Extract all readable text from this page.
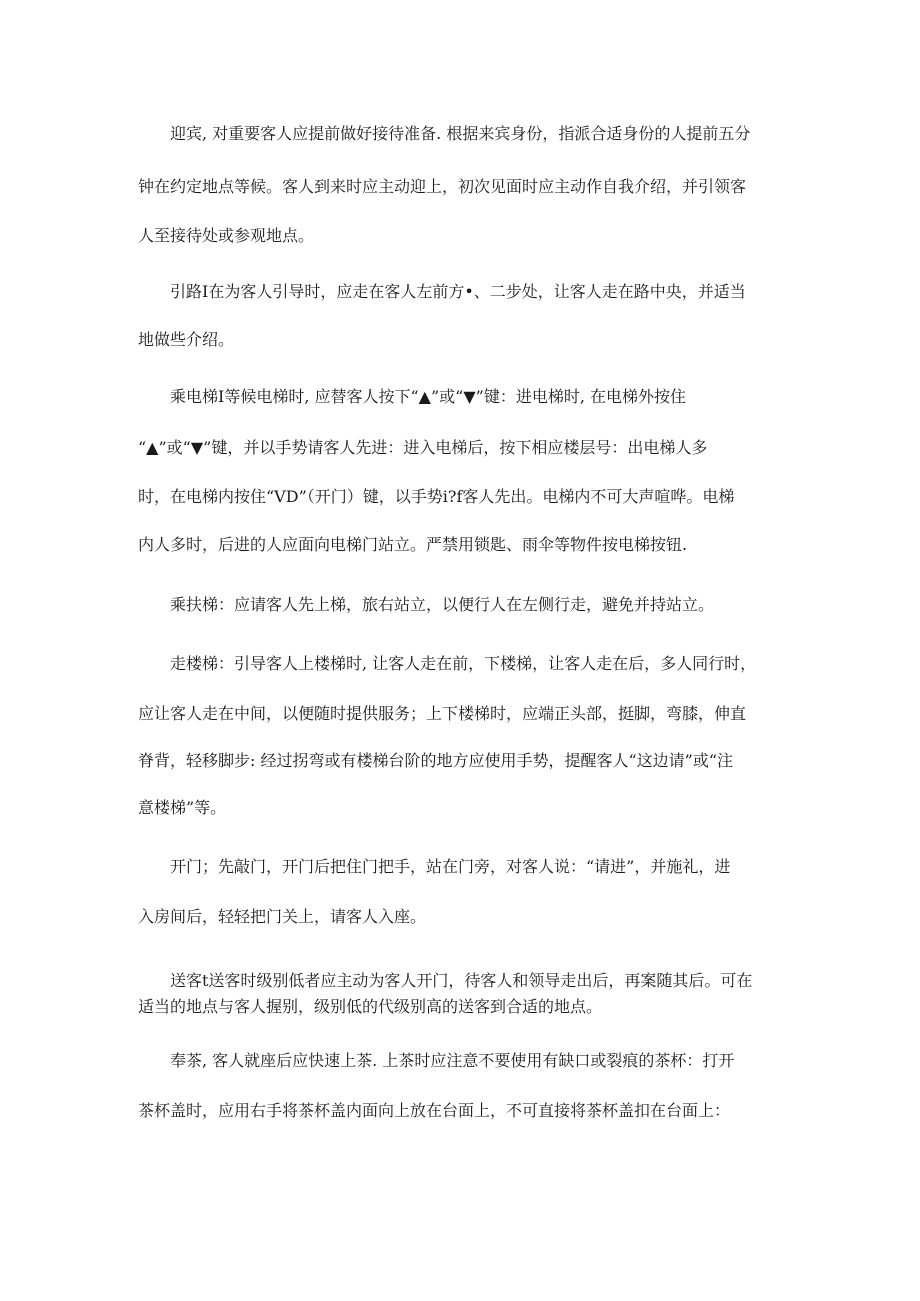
迎宾, 对重要客人应提前做好接待准备. 根据来宾身份，指派合适身份的人提前五分

钟在约定地点等候。客人到来时应主动迎上，初次见面时应主动作自我介绍，并引领客

人至接待处或参观地点。

引路I在为客人引导时，应走在客人左前方•、二步处，让客人走在路中央，并适当

地做些介绍。

乘电梯I等候电梯时, 应替客人按下“▲”或“▼”键：进电梯时, 在电梯外按住

“▲”或“▼”键，并以手势请客人先进：进入电梯后，按下相应楼层号：出电梯人多

时，在电梯内按住“VD”（开门）键，以手势i?f客人先出。电梯内不可大声喧哗。电梯

内人多时，后进的人应面向电梯门站立。严禁用锁匙、雨伞等物件按电梯按钮.

乘扶梯：应请客人先上梯，旅右站立，以便行人在左侧行走，避免并持站立。

走楼梯：引导客人上楼梯时, 让客人走在前，下楼梯，让客人走在后，多人同行时，

应让客人走在中间，以便随时提供服务；上下楼梯时，应端正头部，挺脚，弯膝，伸直

脊背，轻移脚步: 经过拐弯或有楼梯台阶的地方应使用手势，提醒客人“这边请”或“注

意楼梯”等。

开门；先敲门，开门后把住门把手，站在门旁，对客人说：“请进”，并施礼，进

入房间后，轻轻把门关上，请客人入座。

送客t送客时级别低者应主动为客人开门，待客人和领导走出后，再案随其后。可在

适当的地点与客人握别，级别低的代级别高的送客到合适的地点。

奉茶, 客人就座后应快速上茶. 上茶时应注意不要使用有缺口或裂痕的茶杯：打开

茶杯盖时，应用右手将茶杯盖内面向上放在台面上，不可直接将茶杯盖扣在台面上：
